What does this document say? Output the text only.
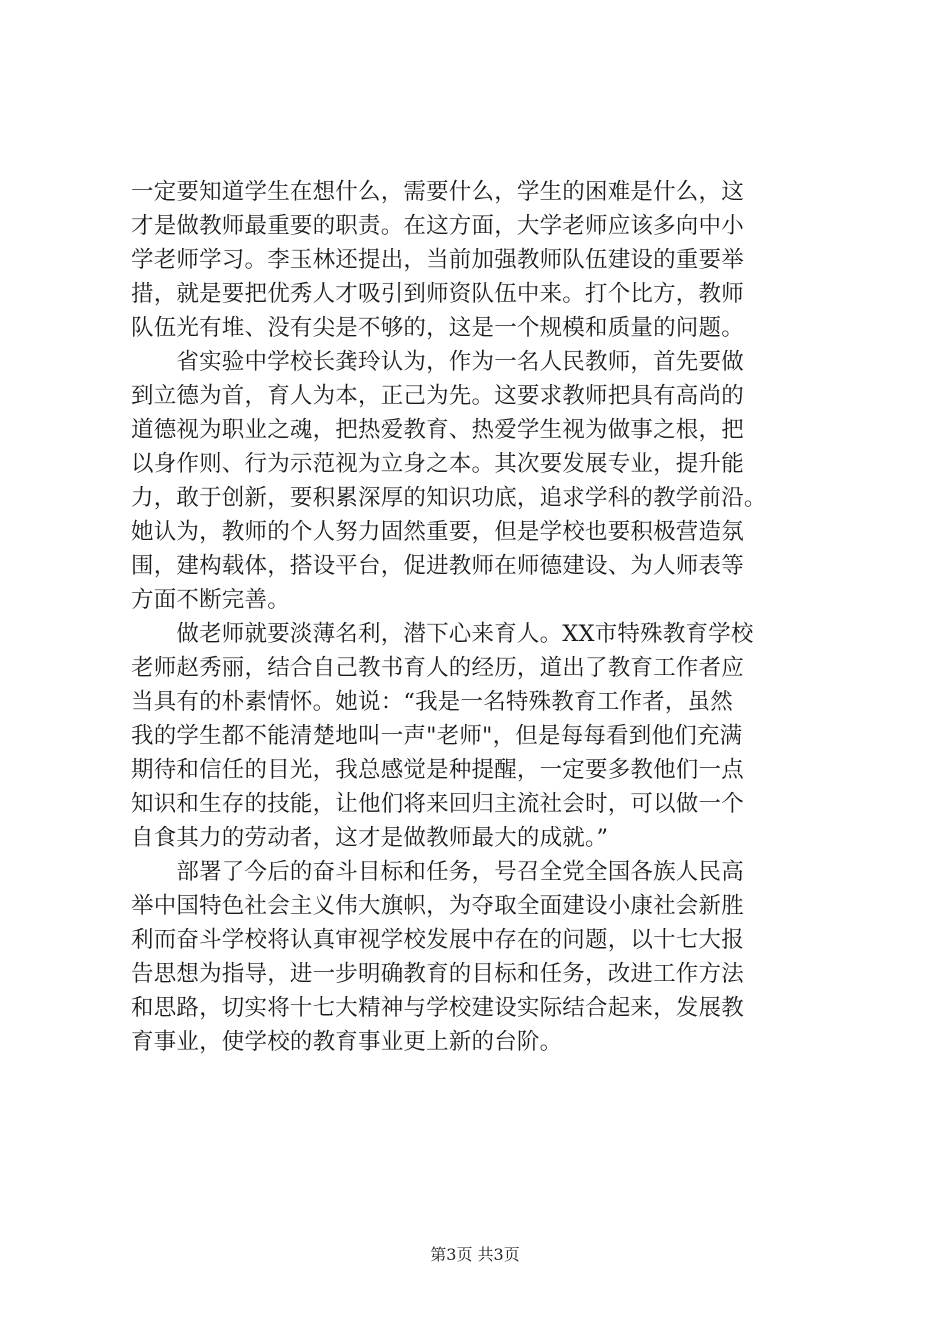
一定要知道学生在想什么，需要什么，学生的困难是什么，这
才是做教师最重要的职责。在这方面，大学老师应该多向中小
学老师学习。李玉林还提出，当前加强教师队伍建设的重要举
措，就是要把优秀人才吸引到师资队伍中来。打个比方，教师
队伍光有堆、没有尖是不够的，这是一个规模和质量的问题。
　　省实验中学校长龚玲认为，作为一名人民教师，首先要做
到立德为首，育人为本，正己为先。这要求教师把具有高尚的
道德视为职业之魂，把热爱教育、热爱学生视为做事之根，把
以身作则、行为示范视为立身之本。其次要发展专业，提升能
力，敢于创新，要积累深厚的知识功底，追求学科的教学前沿。
她认为，教师的个人努力固然重要，但是学校也要积极营造氛
围，建构载体，搭设平台，促进教师在师德建设、为人师表等
方面不断完善。
　　做老师就要淡薄名利，潜下心来育人。XX市特殊教育学校
老师赵秀丽，结合自己教书育人的经历，道出了教育工作者应
当具有的朴素情怀。她说：“我是一名特殊教育工作者，虽然
我的学生都不能清楚地叫一声"老师"，但是每每看到他们充满
期待和信任的目光，我总感觉是种提醒，一定要多教他们一点
知识和生存的技能，让他们将来回归主流社会时，可以做一个
自食其力的劳动者，这才是做教师最大的成就。”
　　部署了今后的奋斗目标和任务，号召全党全国各族人民高
举中国特色社会主义伟大旗帜，为夺取全面建设小康社会新胜
利而奋斗学校将认真审视学校发展中存在的问题，以十七大报
告思想为指导，进一步明确教育的目标和任务，改进工作方法
和思路，切实将十七大精神与学校建设实际结合起来，发展教
育事业，使学校的教育事业更上新的台阶。
第3页 共3页
